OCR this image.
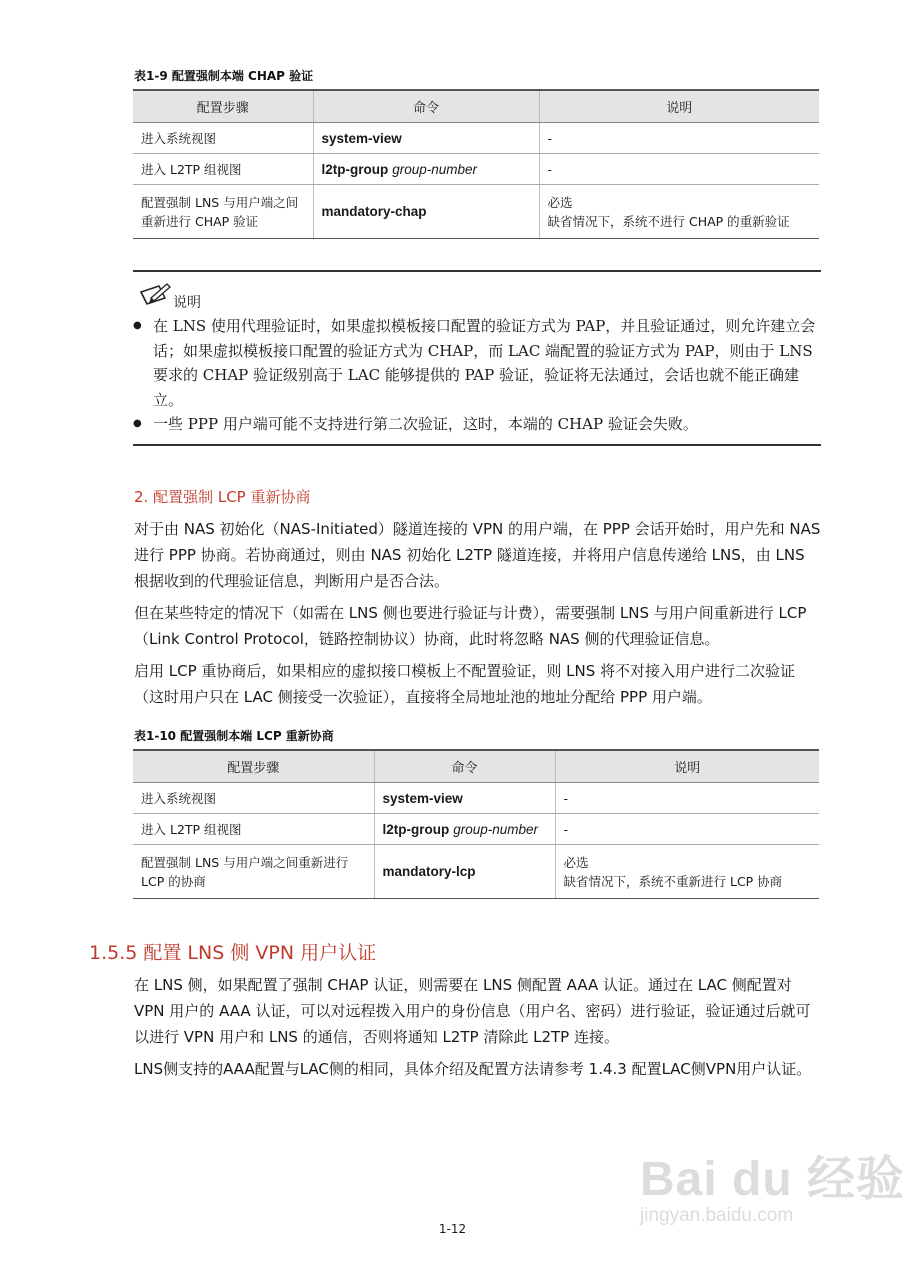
表1-9 配置强制本端 CHAP 验证
配置步骤	命令	说明
进入系统视图	system-view	-
进入 L2TP 组视图	l2tp-group group-number	-
配置强制 LNS 与用户端之间重新进行 CHAP 验证	mandatory-chap	必选
缺省情况下，系统不进行 CHAP 的重新验证
说明
● 在 LNS 使用代理验证时，如果虚拟模板接口配置的验证方式为 PAP，并且验证通过，则允许建立会话；如果虚拟模板接口配置的验证方式为 CHAP，而 LAC 端配置的验证方式为 PAP，则由于 LNS 要求的 CHAP 验证级别高于 LAC 能够提供的 PAP 验证，验证将无法通过，会话也就不能正确建立。
● 一些 PPP 用户端可能不支持进行第二次验证，这时，本端的 CHAP 验证会失败。
2. 配置强制 LCP 重新协商

对于由 NAS 初始化（NAS-Initiated）隧道连接的 VPN 的用户端，在 PPP 会话开始时，用户先和 NAS 进行 PPP 协商。若协商通过，则由 NAS 初始化 L2TP 隧道连接，并将用户信息传递给 LNS，由 LNS 根据收到的代理验证信息，判断用户是否合法。

但在某些特定的情况下（如需在 LNS 侧也要进行验证与计费），需要强制 LNS 与用户间重新进行 LCP（Link Control Protocol，链路控制协议）协商，此时将忽略 NAS 侧的代理验证信息。

启用 LCP 重协商后，如果相应的虚拟接口模板上不配置验证，则 LNS 将不对接入用户进行二次验证（这时用户只在 LAC 侧接受一次验证），直接将全局地址池的地址分配给 PPP 用户端。

表1-10 配置强制本端 LCP 重新协商
配置步骤	命令	说明
进入系统视图	system-view	-
进入 L2TP 组视图	l2tp-group group-number	-
配置强制 LNS 与用户端之间重新进行 LCP 的协商	mandatory-lcp	必选
缺省情况下，系统不重新进行 LCP 协商
1.5.5 配置 LNS 侧 VPN 用户认证

在 LNS 侧，如果配置了强制 CHAP 认证，则需要在 LNS 侧配置 AAA 认证。通过在 LAC 侧配置对 VPN 用户的 AAA 认证，可以对远程拨入用户的身份信息（用户名、密码）进行验证，验证通过后就可以进行 VPN 用户和 LNS 的通信，否则将通知 L2TP 清除此 L2TP 连接。

LNS侧支持的AAA配置与LAC侧的相同，具体介绍及配置方法请参考 1.4.3 配置LAC侧VPN用户认证。

Bai du 经验
jingyan.baidu.com
1-12
